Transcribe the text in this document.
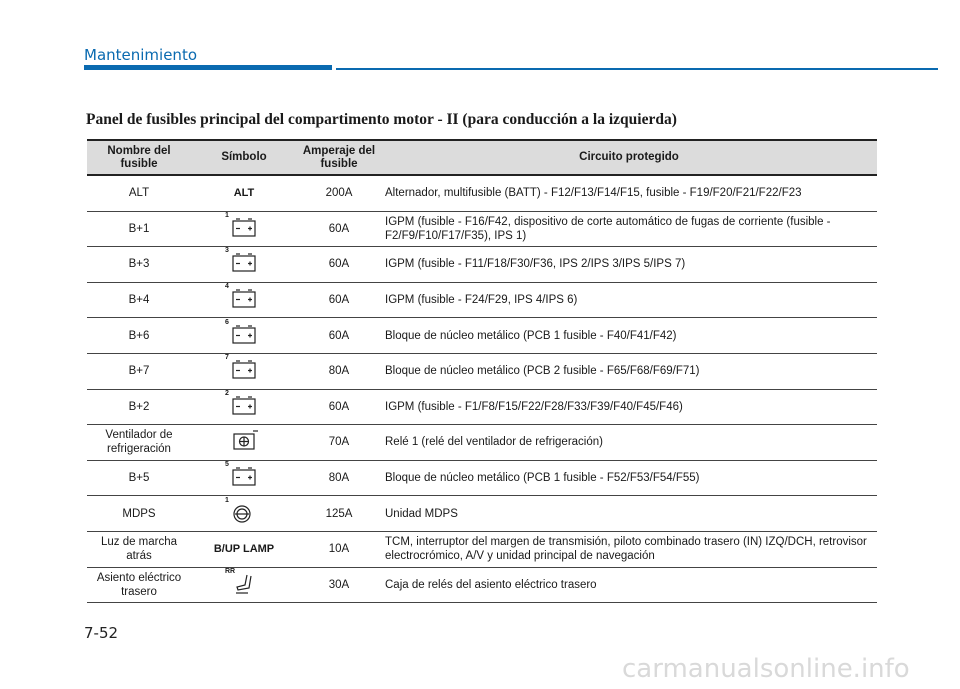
Mantenimiento
Panel de fusibles principal del compartimento motor - II (para conducción a la izquierda)
Nombre del fusible	Símbolo	Amperaje del fusible	Circuito protegido
ALT	ALT	200A	Alternador, multifusible (BATT) - F12/F13/F14/F15, fusible - F19/F20/F21/F22/F23
B+1	1	60A	IGPM (fusible - F16/F42, dispositivo de corte automático de fugas de corriente (fusible - F2/F9/F10/F17/F35), IPS 1)
B+3	3	60A	IGPM (fusible - F11/F18/F30/F36, IPS 2/IPS 3/IPS 5/IPS 7)
B+4	4	60A	IGPM (fusible - F24/F29, IPS 4/IPS 6)
B+6	6	60A	Bloque de núcleo metálico (PCB 1 fusible - F40/F41/F42)
B+7	7	80A	Bloque de núcleo metálico (PCB 2 fusible - F65/F68/F69/F71)
B+2	2	60A	IGPM (fusible - F1/F8/F15/F22/F28/F33/F39/F40/F45/F46)
Ventilador de refrigeración		70A	Relé 1 (relé del ventilador de refrigeración)
B+5	5	80A	Bloque de núcleo metálico (PCB 1 fusible - F52/F53/F54/F55)
MDPS	1	125A	Unidad MDPS
Luz de marcha atrás	B/UP LAMP	10A	TCM, interruptor del margen de transmisión, piloto combinado trasero (IN) IZQ/DCH, retrovisor electrocrómico, A/V y unidad principal de navegación
Asiento eléctrico trasero	RR	30A	Caja de relés del asiento eléctrico trasero
7-52
carmanualsonline.info
